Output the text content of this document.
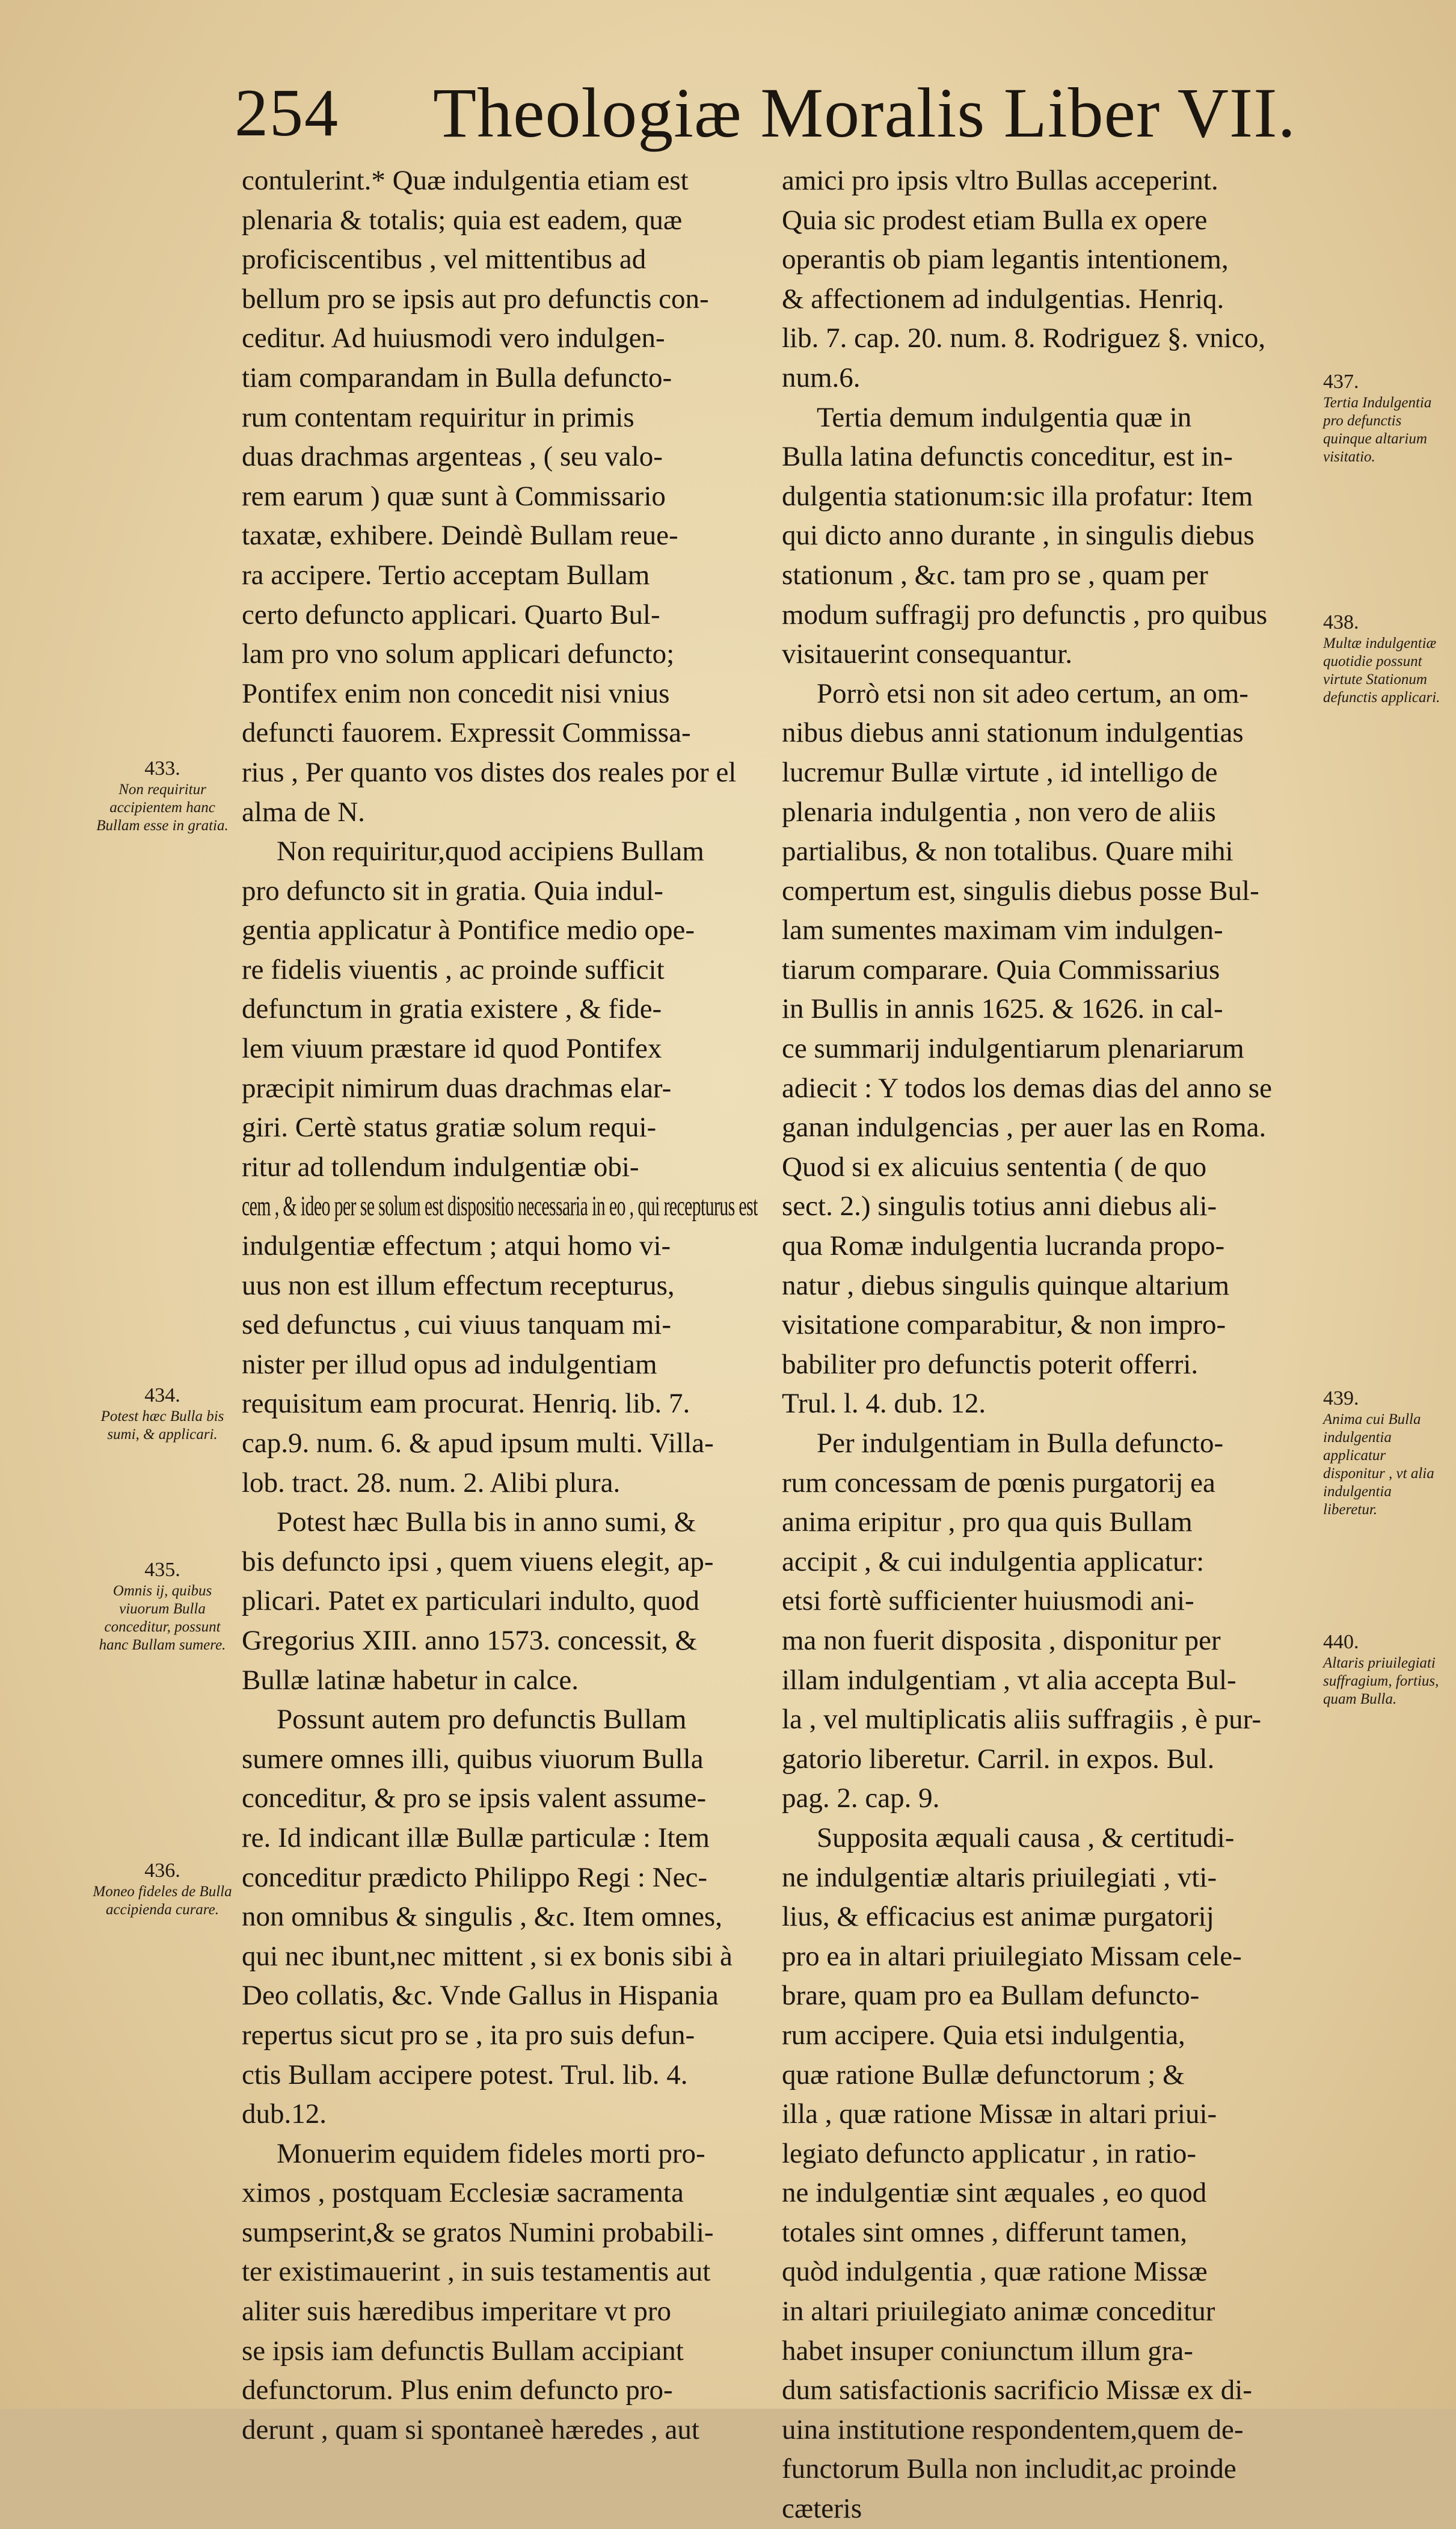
254 Theologiæ Moralis Liber VII.
contulerint.* Quæ indulgentia etiam est
plenaria & totalis; quia est eadem, quæ
proficiscentibus , vel mittentibus ad
bellum pro se ipsis aut pro defunctis con-
ceditur. Ad huiusmodi vero indulgen-
tiam comparandam in Bulla defuncto-
rum contentam requiritur in primis
duas drachmas argenteas , ( seu valo-
rem earum ) quæ sunt à Commissario
taxatæ, exhibere. Deindè Bullam reue-
ra accipere. Tertio acceptam Bullam
certo defuncto applicari. Quarto Bul-
lam pro vno solum applicari defuncto;
Pontifex enim non concedit nisi vnius
defuncti fauorem. Expressit Commissa-
rius , Per quanto vos distes dos reales por el
alma de N.
Non requiritur,quod accipiens Bullam
pro defuncto sit in gratia. Quia indul-
gentia applicatur à Pontifice medio ope-
re fidelis viuentis , ac proinde sufficit
defunctum in gratia existere , & fide-
lem viuum præstare id quod Pontifex
præcipit nimirum duas drachmas elar-
giri. Certè status gratiæ solum requi-
ritur ad tollendum indulgentiæ obi-
cem , & ideo per se solum est dispositio necessaria in eo , qui recepturus est
indulgentiæ effectum ; atqui homo vi-
uus non est illum effectum recepturus,
sed defunctus , cui viuus tanquam mi-
nister per illud opus ad indulgentiam
requisitum eam procurat. Henriq. lib. 7.
cap.9. num. 6. & apud ipsum multi. Villa-
lob. tract. 28. num. 2. Alibi plura.
Potest hæc Bulla bis in anno sumi, &
bis defuncto ipsi , quem viuens elegit, ap-
plicari. Patet ex particulari indulto, quod
Gregorius XIII. anno 1573. concessit, &
Bullæ latinæ habetur in calce.
Possunt autem pro defunctis Bullam
sumere omnes illi, quibus viuorum Bulla
conceditur, & pro se ipsis valent assume-
re. Id indicant illæ Bullæ particulæ : Item
conceditur prædicto Philippo Regi : Nec-
non omnibus & singulis , &c. Item omnes,
qui nec ibunt,nec mittent , si ex bonis sibi à
Deo collatis, &c. Vnde Gallus in Hispania
repertus sicut pro se , ita pro suis defun-
ctis Bullam accipere potest. Trul. lib. 4.
dub.12.
Monuerim equidem fideles morti pro-
ximos , postquam Ecclesiæ sacramenta
sumpserint,& se gratos Numini probabili-
ter existimauerint , in suis testamentis aut
aliter suis hæredibus imperitare vt pro
se ipsis iam defunctis Bullam accipiant
defunctorum. Plus enim defuncto pro-
derunt , quam si spontaneè hæredes , aut
amici pro ipsis vltro Bullas acceperint.
Quia sic prodest etiam Bulla ex opere
operantis ob piam legantis intentionem,
& affectionem ad indulgentias. Henriq.
lib. 7. cap. 20. num. 8. Rodriguez §. vnico,
num.6.
Tertia demum indulgentia quæ in
Bulla latina defunctis conceditur, est in-
dulgentia stationum:sic illa profatur: Item
qui dicto anno durante , in singulis diebus
stationum , &c. tam pro se , quam per
modum suffragij pro defunctis , pro quibus
visitauerint consequantur.
Porrò etsi non sit adeo certum, an om-
nibus diebus anni stationum indulgentias
lucremur Bullæ virtute , id intelligo de
plenaria indulgentia , non vero de aliis
partialibus, & non totalibus. Quare mihi
compertum est, singulis diebus posse Bul-
lam sumentes maximam vim indulgen-
tiarum comparare. Quia Commissarius
in Bullis in annis 1625. & 1626. in cal-
ce summarij indulgentiarum plenariarum
adiecit : Y todos los demas dias del anno se
ganan indulgencias , per auer las en Roma.
Quod si ex alicuius sententia ( de quo
sect. 2.) singulis totius anni diebus ali-
qua Romæ indulgentia lucranda propo-
natur , diebus singulis quinque altarium
visitatione comparabitur, & non impro-
babiliter pro defunctis poterit offerri.
Trul. l. 4. dub. 12.
Per indulgentiam in Bulla defuncto-
rum concessam de pœnis purgatorij ea
anima eripitur , pro qua quis Bullam
accipit , & cui indulgentia applicatur:
etsi fortè sufficienter huiusmodi ani-
ma non fuerit disposita , disponitur per
illam indulgentiam , vt alia accepta Bul-
la , vel multiplicatis aliis suffragiis , è pur-
gatorio liberetur. Carril. in expos. Bul.
pag. 2. cap. 9.
Supposita æquali causa , & certitudi-
ne indulgentiæ altaris priuilegiati , vti-
lius, & efficacius est animæ purgatorij
pro ea in altari priuilegiato Missam cele-
brare, quam pro ea Bullam defuncto-
rum accipere. Quia etsi indulgentia,
quæ ratione Bullæ defunctorum ; &
illa , quæ ratione Missæ in altari priui-
legiato defuncto applicatur , in ratio-
ne indulgentiæ sint æquales , eo quod
totales sint omnes , differunt tamen,
quòd indulgentia , quæ ratione Missæ
in altari priuilegiato animæ conceditur
habet insuper coniunctum illum gra-
dum satisfactionis sacrificio Missæ ex di-
uina institutione respondentem,quem de-
functorum Bulla non includit,ac proinde
cæteris
433.
Non requiritur accipientem hanc Bullam esse in gratia.
434.
Potest hæc Bulla bis sumi, & applicari.
435.
Omnis ij, quibus viuorum Bulla conceditur, possunt hanc Bullam sumere.
436.
Moneo fideles de Bulla accipienda curare.
437.
Tertia Indulgentia pro defunctis quinque altarium visitatio.
438.
Multæ indulgentiæ quotidie possunt virtute Stationum defunctis applicari.
439.
Anima cui Bulla indulgentia applicatur disponitur , vt alia indulgentia liberetur.
440.
Altaris priuilegiati suffragium, fortius, quam Bulla.
